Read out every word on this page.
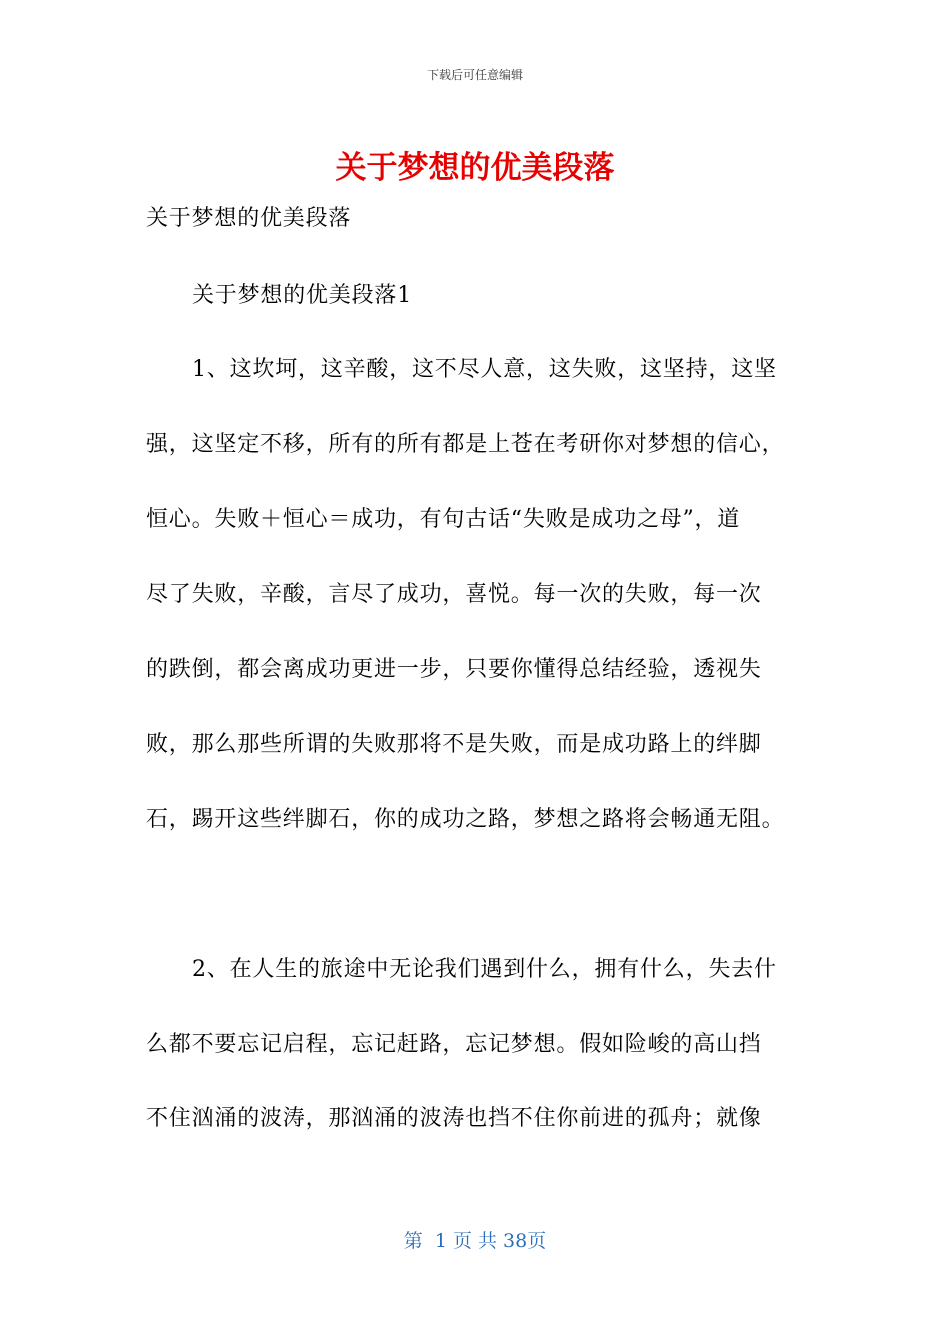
下载后可任意编辑
关于梦想的优美段落
关于梦想的优美段落
关于梦想的优美段落1
1、这坎坷，这辛酸，这不尽人意，这失败，这坚持，这坚
强，这坚定不移，所有的所有都是上苍在考研你对梦想的信心，
恒心。失败＋恒心＝成功，有句古话“失败是成功之母”，道
尽了失败，辛酸，言尽了成功，喜悦。每一次的失败，每一次
的跌倒，都会离成功更进一步，只要你懂得总结经验，透视失
败，那么那些所谓的失败那将不是失败，而是成功路上的绊脚
石，踢开这些绊脚石，你的成功之路，梦想之路将会畅通无阻。
2、在人生的旅途中无论我们遇到什么，拥有什么，失去什
么都不要忘记启程，忘记赶路，忘记梦想。假如险峻的高山挡
不住汹涌的波涛，那汹涌的波涛也挡不住你前进的孤舟；就像
第  1 页 共 38页
